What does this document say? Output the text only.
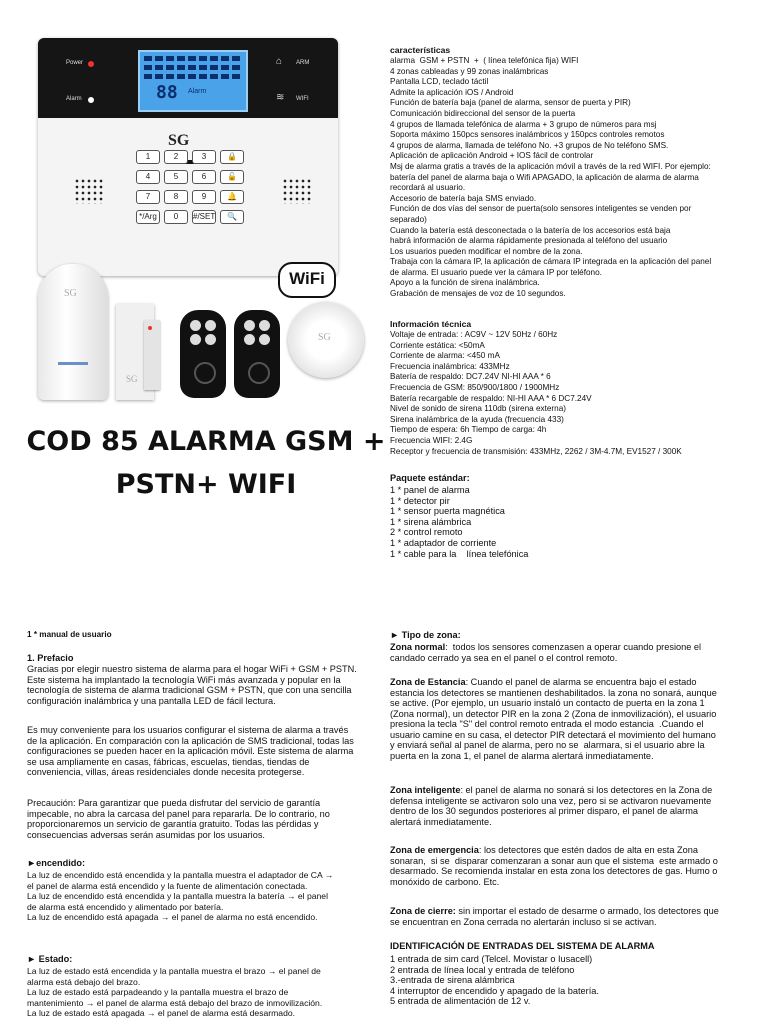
Power
Alarm
ARM
WIFI
⌂
≋
88 Alarm
SG
1	2	3	🔒
4	5	6	🔓
7	8	9	🔔
*/Arg	0	#/SET	🔍
SG
SG
SG
WiFi
COD 85 ALARMA GSM + PSTN+ WIFI
características
alarma  GSM + PSTN  +  ( línea telefónica fija) WIFI
4 zonas cableadas y 99 zonas inalámbricas
Pantalla LCD, teclado táctil
Admite la aplicación iOS / Android
Función de batería baja (panel de alarma, sensor de puerta y PIR)
Comunicación bidireccional del sensor de la puerta
4 grupos de llamada telefónica de alarma + 3 grupo de números para msj
Soporta máximo 150pcs sensores inalámbricos y 150pcs controles remotos
4 grupos de alarma, llamada de teléfono No. +3 grupos de No teléfono SMS.
Aplicación de aplicación Android + IOS fácil de controlar
Msj de alarma gratis a través de la aplicación móvil a través de la red WIFI. Por ejemplo:
batería del panel de alarma baja o Wifi APAGADO, la aplicación de alarma de alarma
recordará al usuario.
Accesorio de batería baja SMS enviado.
Función de dos vías del sensor de puerta(solo sensores inteligentes se venden por
separado)
Cuando la batería está desconectada o la batería de los accesorios está baja
habrá información de alarma rápidamente presionada al teléfono del usuario
Los usuarios pueden modificar el nombre de la zona.
Trabaja con la cámara IP, la aplicación de cámara IP integrada en la aplicación del panel
de alarma. El usuario puede ver la cámara IP por teléfono.
Apoyo a la función de sirena inalámbrica.
Grabación de mensajes de voz de 10 segundos.
Información técnica
Voltaje de entrada: : AC9V ~ 12V 50Hz / 60Hz
Corriente estática: <50mA
Corriente de alarma: <450 mA
Frecuencia inalámbrica: 433MHz
Batería de respaldo: DC7.24V NI-HI AAA * 6
Frecuencia de GSM: 850/900/1800 / 1900MHz
Batería recargable de respaldo: NI-HI AAA * 6 DC7.24V
Nivel de sonido de sirena 110db (sirena externa)
Sirena inalámbrica de la ayuda (frecuencia 433)
Tiempo de espera: 6h Tiempo de carga: 4h
Frecuencia WIFI: 2.4G
Receptor y frecuencia de transmisión: 433MHz, 2262 / 3M-4.7M, EV1527 / 300K
Paquete estándar:
1 * panel de alarma
1 * detector pir
1 * sensor puerta magnética
1 * sirena alámbrica
2 * control remoto
1 * adaptador de corriente
1 * cable para la    línea telefónica
1 * manual de usuario
1. Prefacio
Gracias por elegir nuestro sistema de alarma para el hogar WiFi + GSM + PSTN.
Este sistema ha implantado la tecnología WiFi más avanzada y popular en la
tecnología de sistema de alarma tradicional GSM + PSTN, que con una sencilla
configuración inalámbrica y una pantalla LED de fácil lectura.
Es muy conveniente para los usuarios configurar el sistema de alarma a través
de la aplicación. En comparación con la aplicación de SMS tradicional, todas las
configuraciones se pueden hacer en la aplicación móvil. Este sistema de alarma
se usa ampliamente en casas, fábricas, escuelas, tiendas, tiendas de
conveniencia, villas, áreas residenciales donde necesita protegerse.
Precaución: Para garantizar que pueda disfrutar del servicio de garantía
impecable, no abra la carcasa del panel para repararla. De lo contrario, no
proporcionaremos un servicio de garantía gratuito. Todas las pérdidas y
consecuencias adversas serán asumidas por los usuarios.
►encendido:
La luz de encendido está encendida y la pantalla muestra el adaptador de CA →
el panel de alarma está encendido y la fuente de alimentación conectada.
La luz de encendido está encendida y la pantalla muestra la batería → el panel
de alarma está encendido y alimentado por batería.
La luz de encendido está apagada → el panel de alarma no está encendido.
► Estado:
La luz de estado está encendida y la pantalla muestra el brazo → el panel de
alarma está debajo del brazo.
La luz de estado está parpadeando y la pantalla muestra el brazo de
mantenimiento → el panel de alarma está debajo del brazo de inmovilización.
La luz de estado está apagada → el panel de alarma está desarmado.
► Tipo de zona:
Zona normal:  todos los sensores comenzasen a operar cuando presione el
candado cerrado ya sea en el panel o el control remoto.
Zona de Estancia: Cuando el panel de alarma se encuentra bajo el estado
estancia los detectores se mantienen deshabilitados. la zona no sonará, aunque
se active. (Por ejemplo, un usuario instaló un contacto de puerta en la zona 1
(Zona normal), un detector PIR en la zona 2 (Zona de inmovilización), el usuario
presiona la tecla "S" del control remoto entrada el modo estancia  .Cuando el
usuario camine en su casa, el detector PIR detectará el movimiento del humano
y enviará señal al panel de alarma, pero no se  alarmara, si el usuario abre la
puerta en la zona 1, el panel de alarma alertará inmediatamente.
Zona inteligente: el panel de alarma no sonará si los detectores en la Zona de
defensa inteligente se activaron solo una vez, pero si se activaron nuevamente
dentro de los 30 segundos posteriores al primer disparo, el panel de alarma
alertará inmediatamente.
Zona de emergencia: los detectores que estén dados de alta en esta Zona
sonaran,  si se  disparar comenzaran a sonar aun que el sistema  este armado o
desarmado. Se recomienda instalar en esta zona los detectores de gas. Humo o
monóxido de carbono. Etc.
Zona de cierre: sin importar el estado de desarme o armado, los detectores que
se encuentran en Zona cerrada no alertarán incluso si se activan.
IDENTIFICACIÓN DE ENTRADAS DEL SISTEMA DE ALARMA
1 entrada de sim card (Telcel. Movistar o Iusacell)
2 entrada de línea local y entrada de teléfono
3.-entrada de sirena alámbrica
4 interruptor de encendido y apagado de la batería.
5 entrada de alimentación de 12 v.
